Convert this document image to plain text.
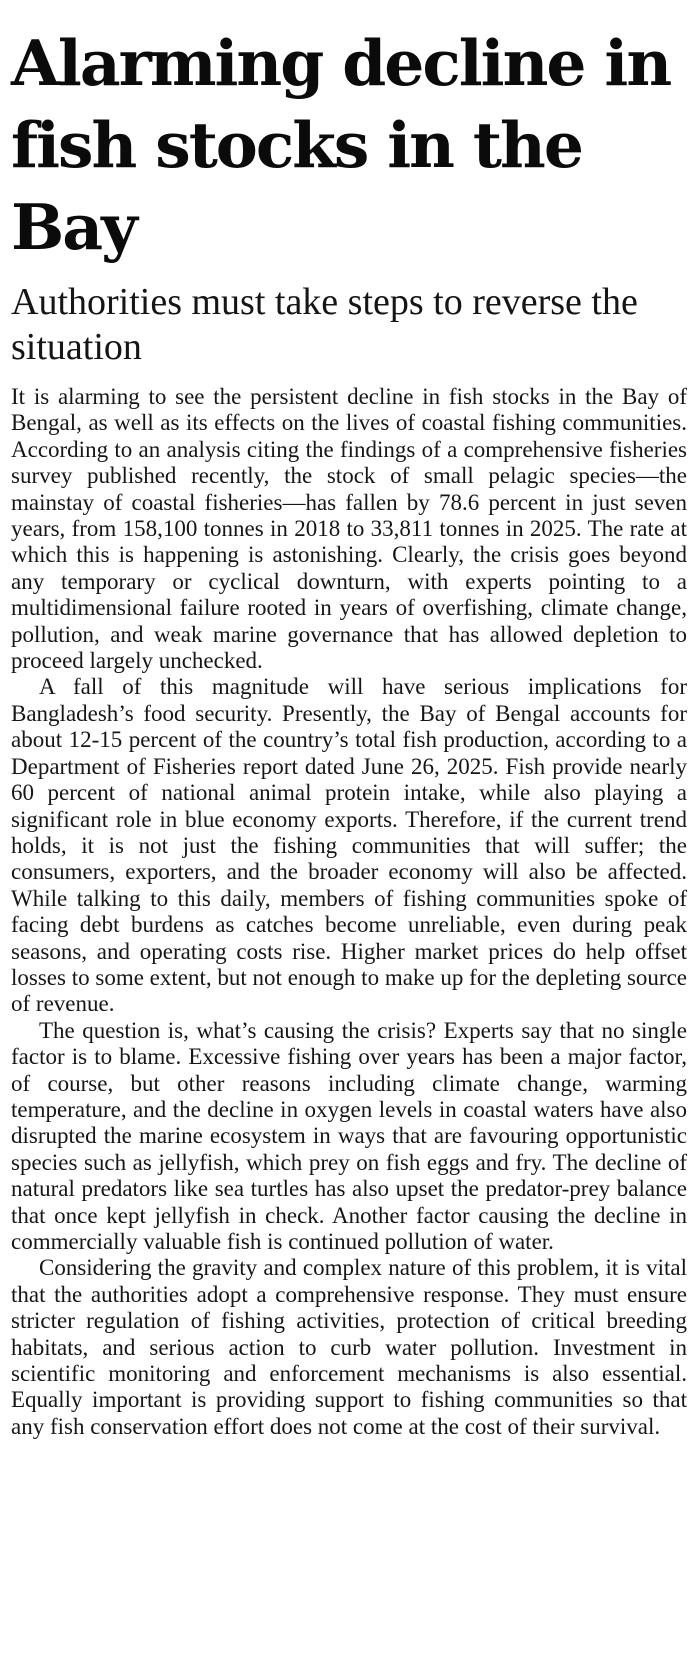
Alarming decline in fish stocks in the Bay
Authorities must take steps to reverse the situation

It is alarming to see the persistent decline in fish stocks in the Bay of Bengal, as well as its effects on the lives of coastal fishing communities. According to an analysis citing the findings of a comprehensive fisheries survey published recently, the stock of small pelagic species—the mainstay of coastal fisheries—has fallen by 78.6 percent in just seven years, from 158,100 tonnes in 2018 to 33,811 tonnes in 2025. The rate at which this is happening is astonishing. Clearly, the crisis goes beyond any temporary or cyclical downturn, with experts pointing to a multidimensional failure rooted in years of overfishing, climate change, pollution, and weak marine governance that has allowed depletion to proceed largely unchecked.

A fall of this magnitude will have serious implications for Bangladesh’s food security. Presently, the Bay of Bengal accounts for about 12-15 percent of the country’s total fish production, according to a Department of Fisheries report dated June 26, 2025. Fish provide nearly 60 percent of national animal protein intake, while also playing a significant role in blue economy exports. Therefore, if the current trend holds, it is not just the fishing communities that will suffer; the consumers, exporters, and the broader economy will also be affected. While talking to this daily, members of fishing communities spoke of facing debt burdens as catches become unreliable, even during peak seasons, and operating costs rise. Higher market prices do help offset losses to some extent, but not enough to make up for the depleting source of revenue.

The question is, what’s causing the crisis? Experts say that no single factor is to blame. Excessive fishing over years has been a major factor, of course, but other reasons including climate change, warming temperature, and the decline in oxygen levels in coastal waters have also disrupted the marine ecosystem in ways that are favouring opportunistic species such as jellyfish, which prey on fish eggs and fry. The decline of natural predators like sea turtles has also upset the predator-prey balance that once kept jellyfish in check. Another factor causing the decline in commercially valuable fish is continued pollution of water.

Considering the gravity and complex nature of this problem, it is vital that the authorities adopt a comprehensive response. They must ensure stricter regulation of fishing activities, protection of critical breeding habitats, and serious action to curb water pollution. Investment in scientific monitoring and enforcement mechanisms is also essential. Equally important is providing support to fishing communities so that any fish conservation effort does not come at the cost of their survival.
